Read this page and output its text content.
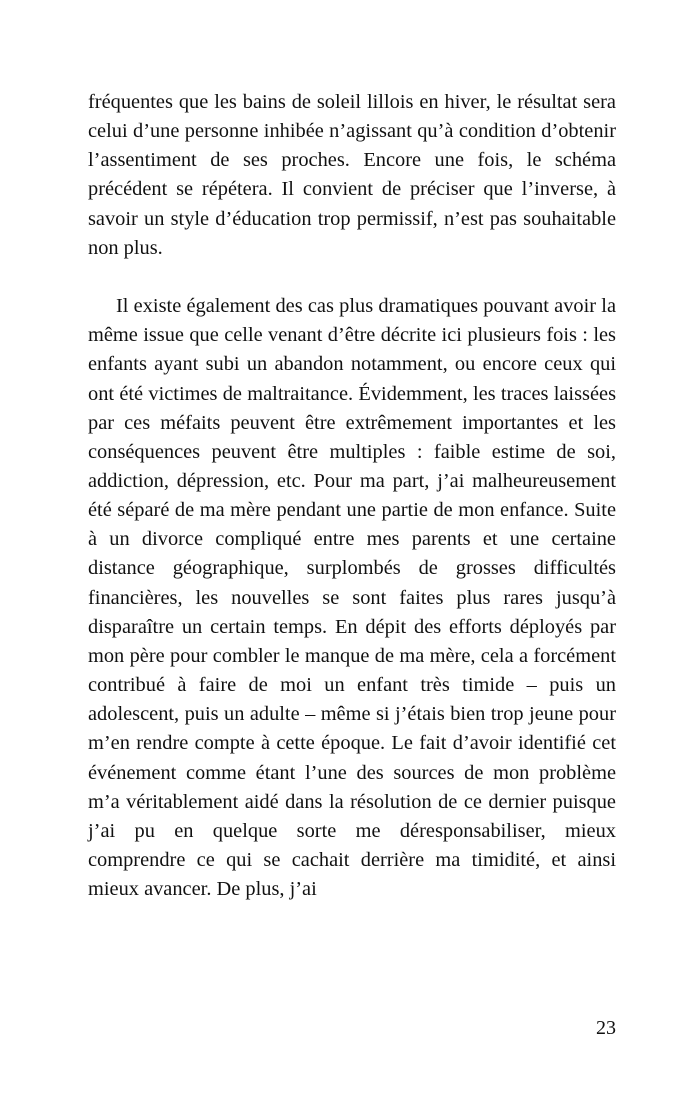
fréquentes que les bains de soleil lillois en hiver, le résultat sera celui d’une personne inhibée n’agissant qu’à condition d’obtenir l’assentiment de ses proches. Encore une fois, le schéma précédent se répétera. Il convient de préciser que l’inverse, à savoir un style d’éducation trop permissif, n’est pas souhaitable non plus.

Il existe également des cas plus dramatiques pouvant avoir la même issue que celle venant d’être décrite ici plusieurs fois : les enfants ayant subi un abandon notamment, ou encore ceux qui ont été victimes de maltraitance. Évidemment, les traces laissées par ces méfaits peuvent être extrêmement importantes et les conséquences peuvent être multiples : faible estime de soi, addiction, dépression, etc. Pour ma part, j’ai malheureusement été séparé de ma mère pendant une partie de mon enfance. Suite à un divorce compliqué entre mes parents et une certaine distance géographique, surplombés de grosses difficultés financières, les nouvelles se sont faites plus rares jusqu’à disparaître un certain temps. En dépit des efforts déployés par mon père pour combler le manque de ma mère, cela a forcément contribué à faire de moi un enfant très timide – puis un adolescent, puis un adulte – même si j’étais bien trop jeune pour m’en rendre compte à cette époque. Le fait d’avoir identifié cet événement comme étant l’une des sources de mon problème m’a véritablement aidé dans la résolution de ce dernier puisque j’ai pu en quelque sorte me déresponsabiliser, mieux comprendre ce qui se cachait derrière ma timidité, et ainsi mieux avancer. De plus, j’ai

23
